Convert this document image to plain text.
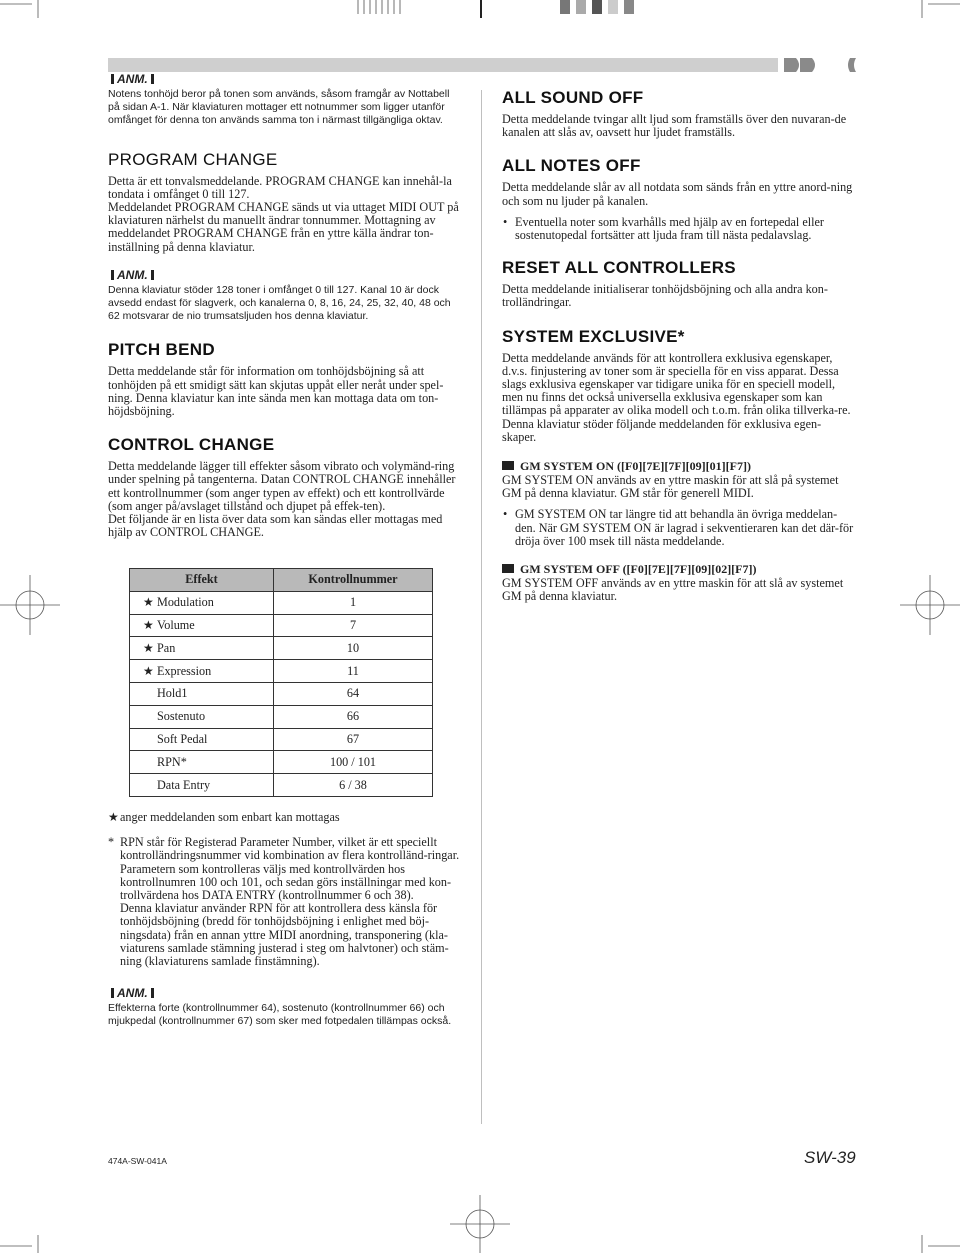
ANM.

Notens tonhöjd beror på tonen som används, såsom framgår av Nottabell på sidan A-1. När klaviaturen mottager ett notnummer som ligger utanför omfånget för denna ton används samma ton i närmast tillgängliga oktav.

PROGRAM CHANGE

Detta är ett tonvalsmeddelande. PROGRAM CHANGE kan innehål-la tondata i omfånget 0 till 127.

Meddelandet PROGRAM CHANGE sänds ut via uttaget MIDI OUT på klaviaturen närhelst du manuellt ändrar tonnummer. Mottagning av meddelandet PROGRAM CHANGE från en yttre källa ändrar ton-inställning på denna klaviatur.

ANM.

Denna klaviatur stöder 128 toner i omfånget 0 till 127. Kanal 10 är dock avsedd endast för slagverk, och kanalerna 0, 8, 16, 24, 25, 32, 40, 48 och 62 motsvarar de nio trumsatsljuden hos denna klaviatur.

PITCH BEND

Detta meddelande står för information om tonhöjdsböjning så att tonhöjden på ett smidigt sätt kan skjutas uppåt eller neråt under spel-ning. Denna klaviatur kan inte sända men kan mottaga data om ton-höjdsböjning.

CONTROL CHANGE

Detta meddelande lägger till effekter såsom vibrato och volymänd-ring under spelning på tangenterna. Datan CONTROL CHANGE innehåller ett kontrollnummer (som anger typen av effekt) och ett kontrollvärde (som anger på/avslaget tillstånd och djupet på effek-ten).

Det följande är en lista över data som kan sändas eller mottagas med hjälp av CONTROL CHANGE.

Effekt	Kontrollnummer
★ Modulation	1
★ Volume	7
★ Pan	10
★ Expression	11
Hold1	64
Sostenuto	66
Soft Pedal	67
RPN*	100 / 101
Data Entry	6 / 38

★ anger meddelanden som enbart kan mottagas

* RPN står för Registerad Parameter Number, vilket är ett speciellt kontrolländringsnummer vid kombination av flera kontrolländ-ringar. Parametern som kontrolleras väljs med kontrollvärden hos kontrollnumren 100 och 101, och sedan görs inställningar med kon-trollvärdena hos DATA ENTRY (kontrollnummer 6 och 38).

Denna klaviatur använder RPN för att kontrollera dess känsla för tonhöjdsböjning (bredd för tonhöjdsböjning i enlighet med böj-ningsdata) från en annan yttre MIDI anordning, transponering (kla-viaturens samlade stämning justerad i steg om halvtoner) och stäm-ning (klaviaturens samlade finstämning).

ANM.

Effekterna forte (kontrollnummer 64), sostenuto (kontrollnummer 66) och mjukpedal (kontrollnummer 67) som sker med fotpedalen tillämpas också.

ALL SOUND OFF

Detta meddelande tvingar allt ljud som framställs över den nuvaran-de kanalen att slås av, oavsett hur ljudet framställs.

ALL NOTES OFF

Detta meddelande slår av all notdata som sänds från en yttre anord-ning och som nu ljuder på kanalen.

• Eventuella noter som kvarhålls med hjälp av en fortepedal eller sostenutopedal fortsätter att ljuda fram till nästa pedalavslag.

RESET ALL CONTROLLERS

Detta meddelande initialiserar tonhöjdsböjning och alla andra kon-trolländringar.

SYSTEM EXCLUSIVE*

Detta meddelande används för att kontrollera exklusiva egenskaper, d.v.s. finjustering av toner som är speciella för en viss apparat. Dessa slags exklusiva egenskaper var tidigare unika för en speciell modell, men nu finns det också universella exklusiva egenskaper som kan tillämpas på apparater av olika modell och t.o.m. från olika tillverka-re.

Denna klaviatur stöder följande meddelanden för exklusiva egen-skaper.

GM SYSTEM ON ([F0][7E][7F][09][01][F7])

GM SYSTEM ON används av en yttre maskin för att slå på systemet GM på denna klaviatur. GM står för generell MIDI.

• GM SYSTEM ON tar längre tid att behandla än övriga meddelan-den. När GM SYSTEM ON är lagrad i sekventieraren kan det där-för dröja över 100 msek till nästa meddelande.

GM SYSTEM OFF ([F0][7E][7F][09][02][F7])

GM SYSTEM OFF används av en yttre maskin för att slå av systemet GM på denna klaviatur.

474A-SW-041A	SW-39
